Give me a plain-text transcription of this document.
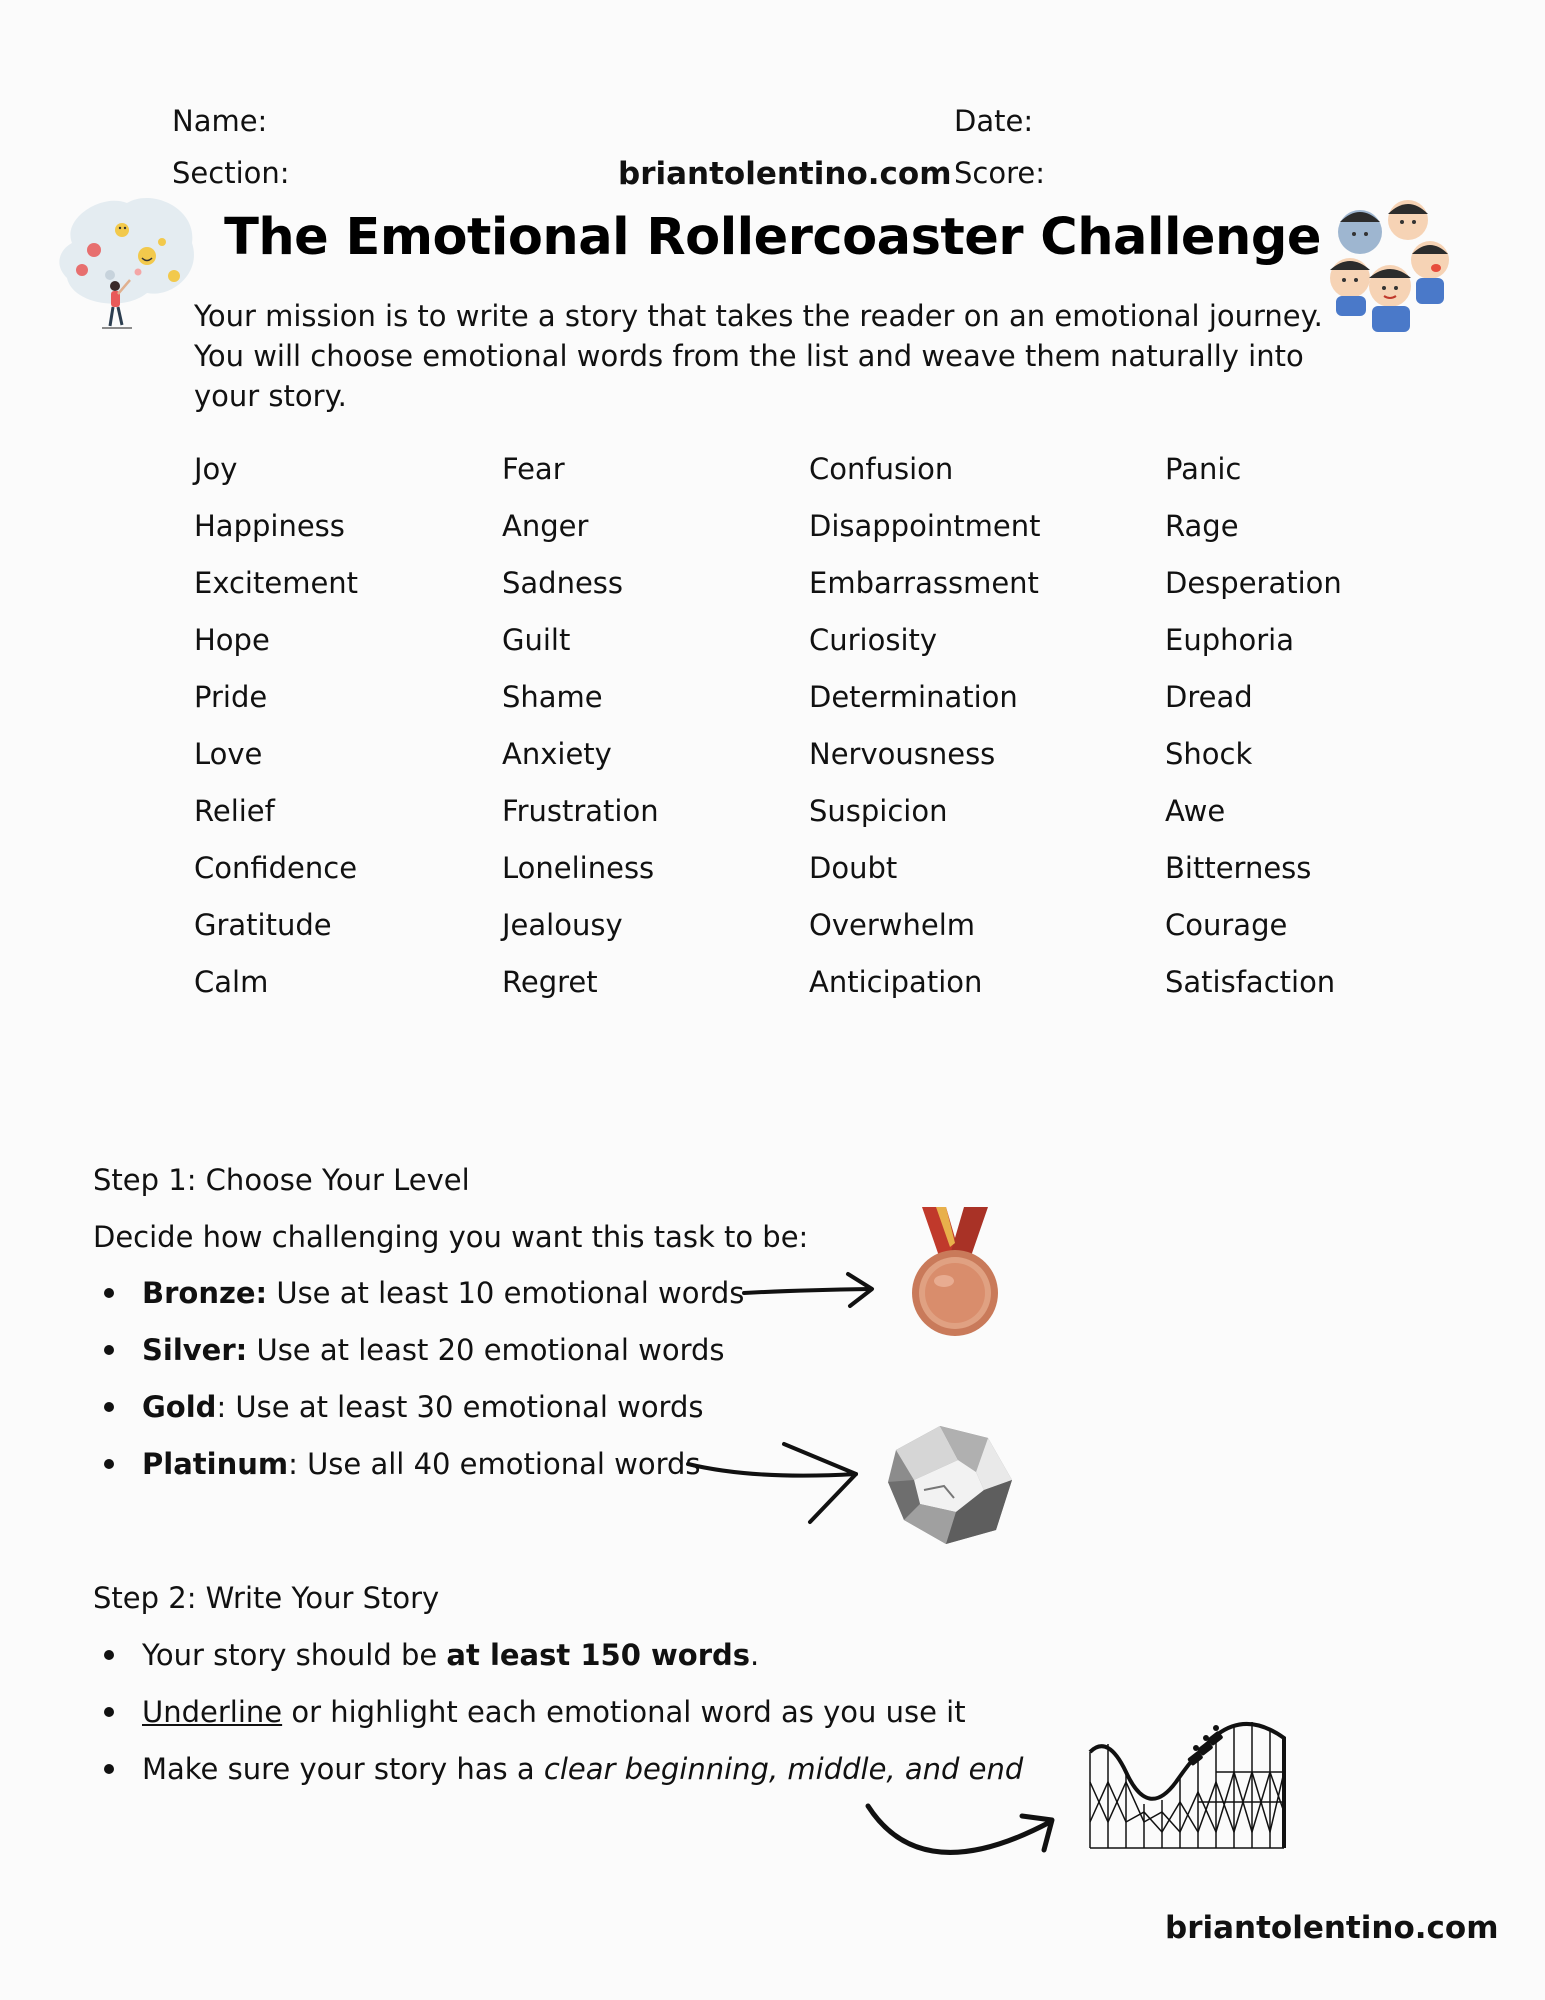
Name:	Date:
Section:	briantolentino.com Score:
The Emotional Rollercoaster Challenge
Your mission is to write a story that takes the reader on an emotional journey. You will choose emotional words from the list and weave them naturally into your story.
Joy
Happiness
Excitement
Hope
Pride
Love
Relief
Confidence
Gratitude
Calm
Fear
Anger
Sadness
Guilt
Shame
Anxiety
Frustration
Loneliness
Jealousy
Regret
Confusion
Disappointment
Embarrassment
Curiosity
Determination
Nervousness
Suspicion
Doubt
Overwhelm
Anticipation
Panic
Rage
Desperation
Euphoria
Dread
Shock
Awe
Bitterness
Courage
Satisfaction
Step 1: Choose Your Level
Decide how challenging you want this task to be:
Bronze: Use at least 10 emotional words
Silver: Use at least 20 emotional words
Gold: Use at least 30 emotional words
Platinum: Use all 40 emotional words
Step 2: Write Your Story
Your story should be at least 150 words.
Underline or highlight each emotional word as you use it
Make sure your story has a clear beginning, middle, and end
briantolentino.com
